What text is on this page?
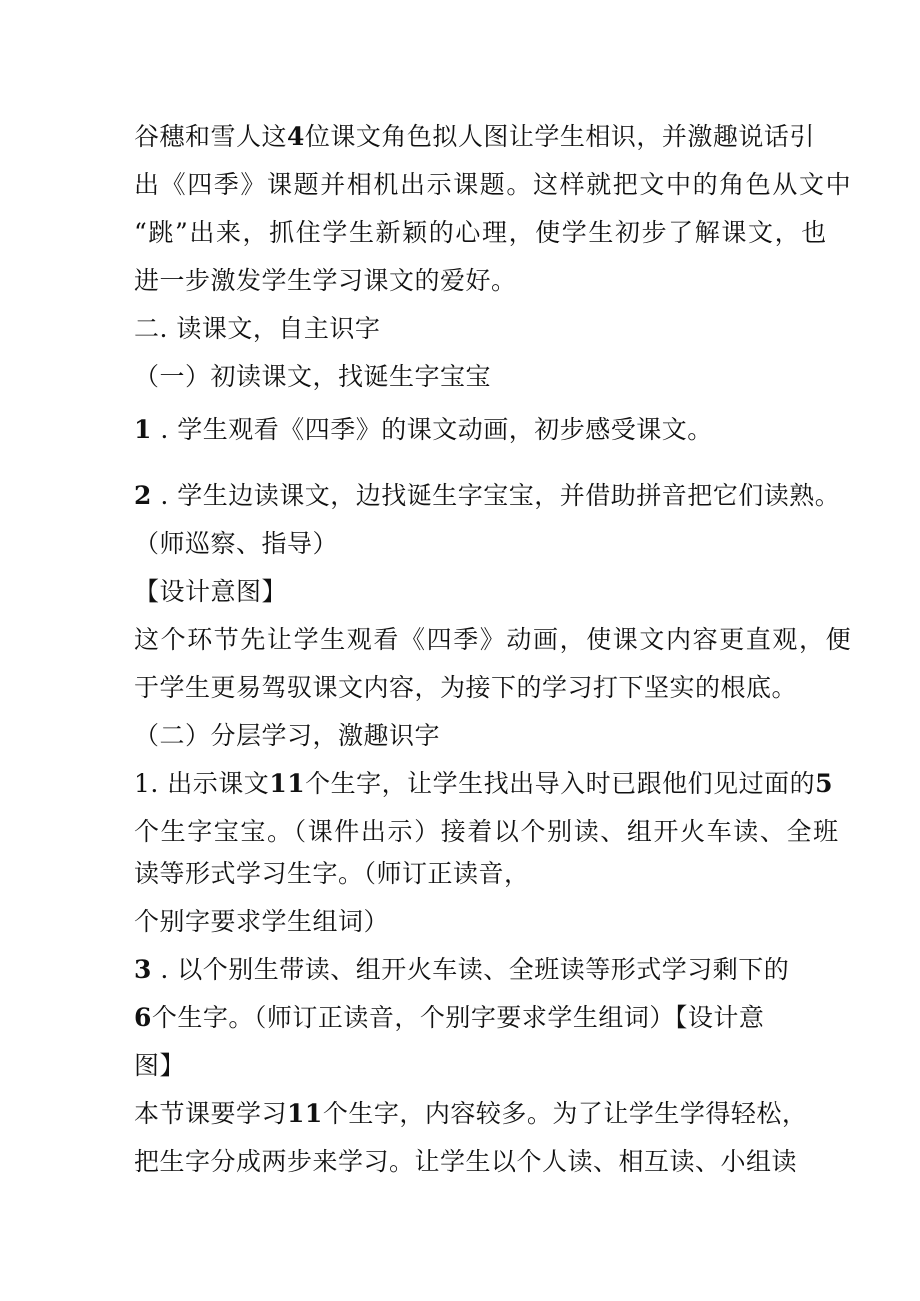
谷穗和雪人这4位课文角色拟人图让学生相识，并激趣说话引
出《四季》课题并相机出示课题。这样就把文中的角色从文中
“跳”出来，抓住学生新颖的心理，使学生初步了解课文，也
进一步激发学生学习课文的爱好。
二. 读课文，自主识字
（一）初读课文，找诞生字宝宝
1 . 学生观看《四季》的课文动画，初步感受课文。
2 . 学生边读课文，边找诞生字宝宝，并借助拼音把它们读熟。
（师巡察、指导）
【设计意图】
这个环节先让学生观看《四季》动画，使课文内容更直观，便
于学生更易驾驭课文内容，为接下的学习打下坚实的根底。
（二）分层学习，激趣识字
1. 出示课文11个生字，让学生找出导入时已跟他们见过面的5
个生字宝宝。（课件出示）接着以个别读、组开火车读、全班
读等形式学习生字。（师订正读音，
个别字要求学生组词）
3 . 以个别生带读、组开火车读、全班读等形式学习剩下的
6个生字。（师订正读音，个别字要求学生组词）【设计意
图】
本节课要学习11个生字，内容较多。为了让学生学得轻松，
把生字分成两步来学习。让学生以个人读、相互读、小组读
